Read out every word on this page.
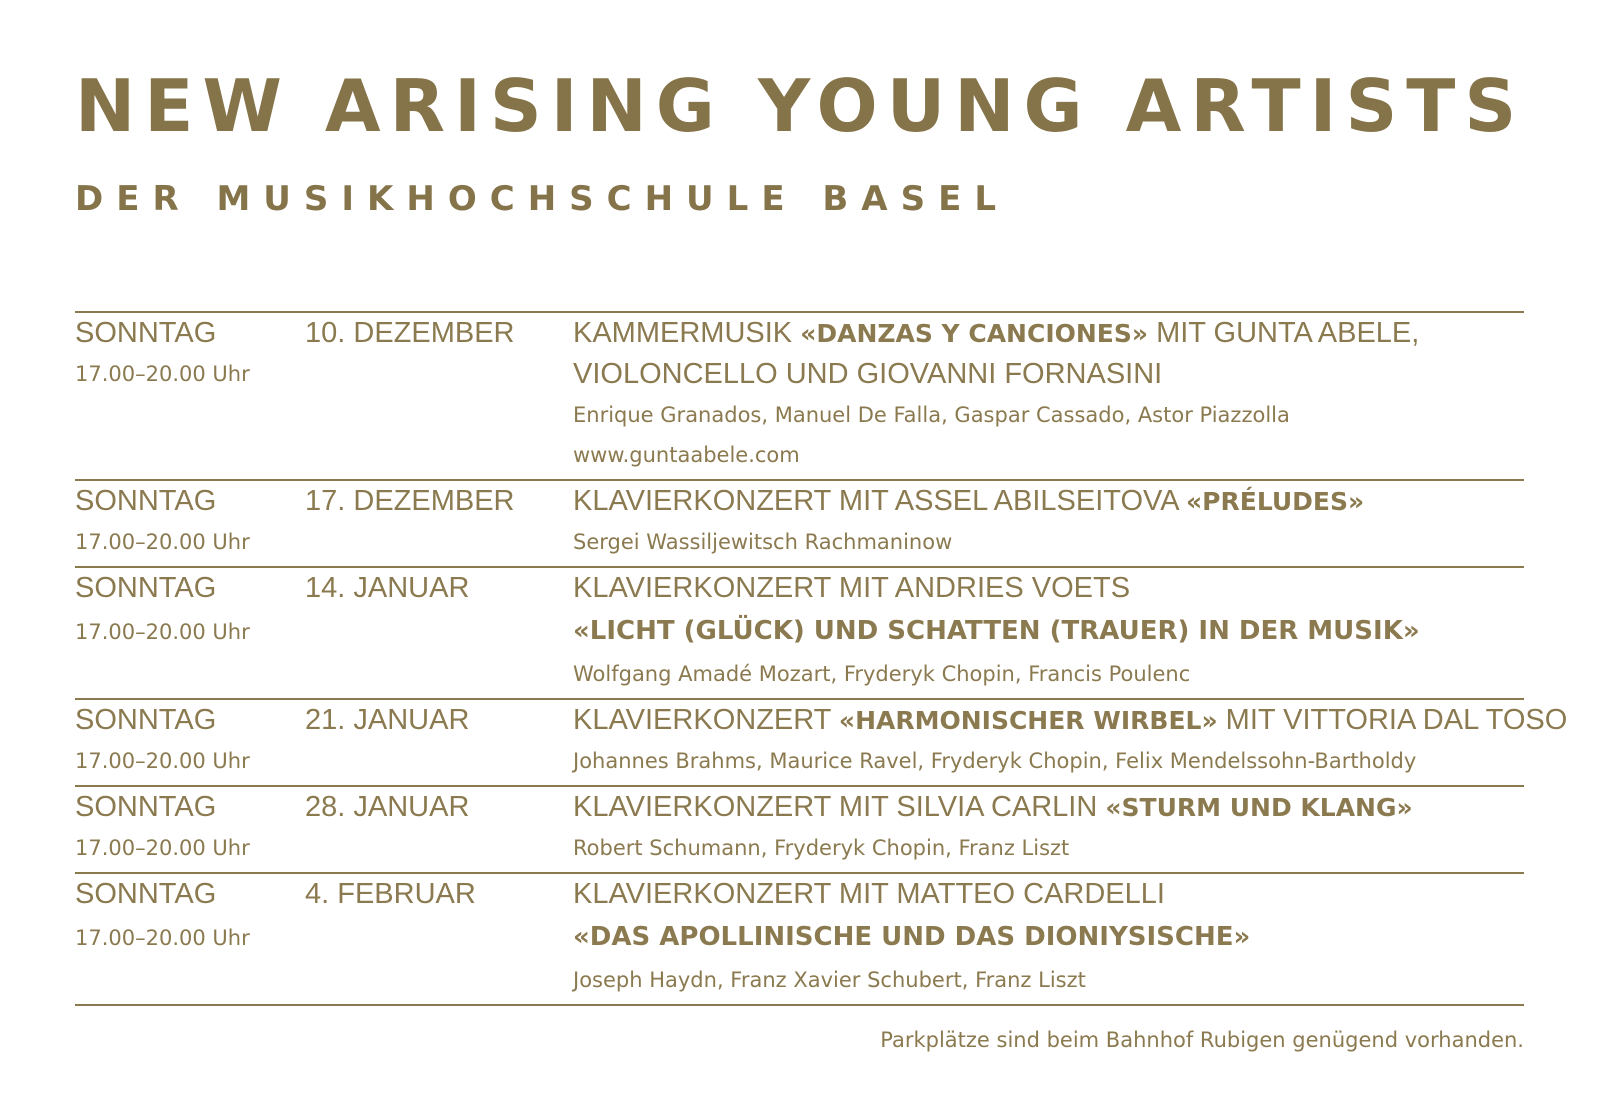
NEW ARISING YOUNG ARTISTS
DER MUSIKHOCHSCHULE BASEL
SONNTAG
17.00–20.00 Uhr
10. DEZEMBER	KAMMERMUSIK «DANZAS Y CANCIONES» MIT GUNTA ABELE,
VIOLONCELLO UND GIOVANNI FORNASINI
Enrique Granados, Manuel De Falla, Gaspar Cassado, Astor Piazzolla
www.guntaabele.com
SONNTAG
17.00–20.00 Uhr
17. DEZEMBER	KLAVIERKONZERT MIT ASSEL ABILSEITOVA «PRÉLUDES»
Sergei Wassiljewitsch Rachmaninow
SONNTAG
17.00–20.00 Uhr
14. JANUAR	KLAVIERKONZERT MIT ANDRIES VOETS
«LICHT (GLÜCK) UND SCHATTEN (TRAUER) IN DER MUSIK»
Wolfgang Amadé Mozart, Fryderyk Chopin, Francis Poulenc
SONNTAG
17.00–20.00 Uhr
21. JANUAR	KLAVIERKONZERT «HARMONISCHER WIRBEL» MIT VITTORIA DAL TOSO
Johannes Brahms, Maurice Ravel, Fryderyk Chopin, Felix Mendelssohn-Bartholdy
SONNTAG
17.00–20.00 Uhr
28. JANUAR	KLAVIERKONZERT MIT SILVIA CARLIN «STURM UND KLANG»
Robert Schumann, Fryderyk Chopin, Franz Liszt
SONNTAG
17.00–20.00 Uhr
4. FEBRUAR	KLAVIERKONZERT MIT MATTEO CARDELLI
«DAS APOLLINISCHE UND DAS DIONIYSISCHE»
Joseph Haydn, Franz Xavier Schubert, Franz Liszt
Parkplätze sind beim Bahnhof Rubigen genügend vorhanden.
